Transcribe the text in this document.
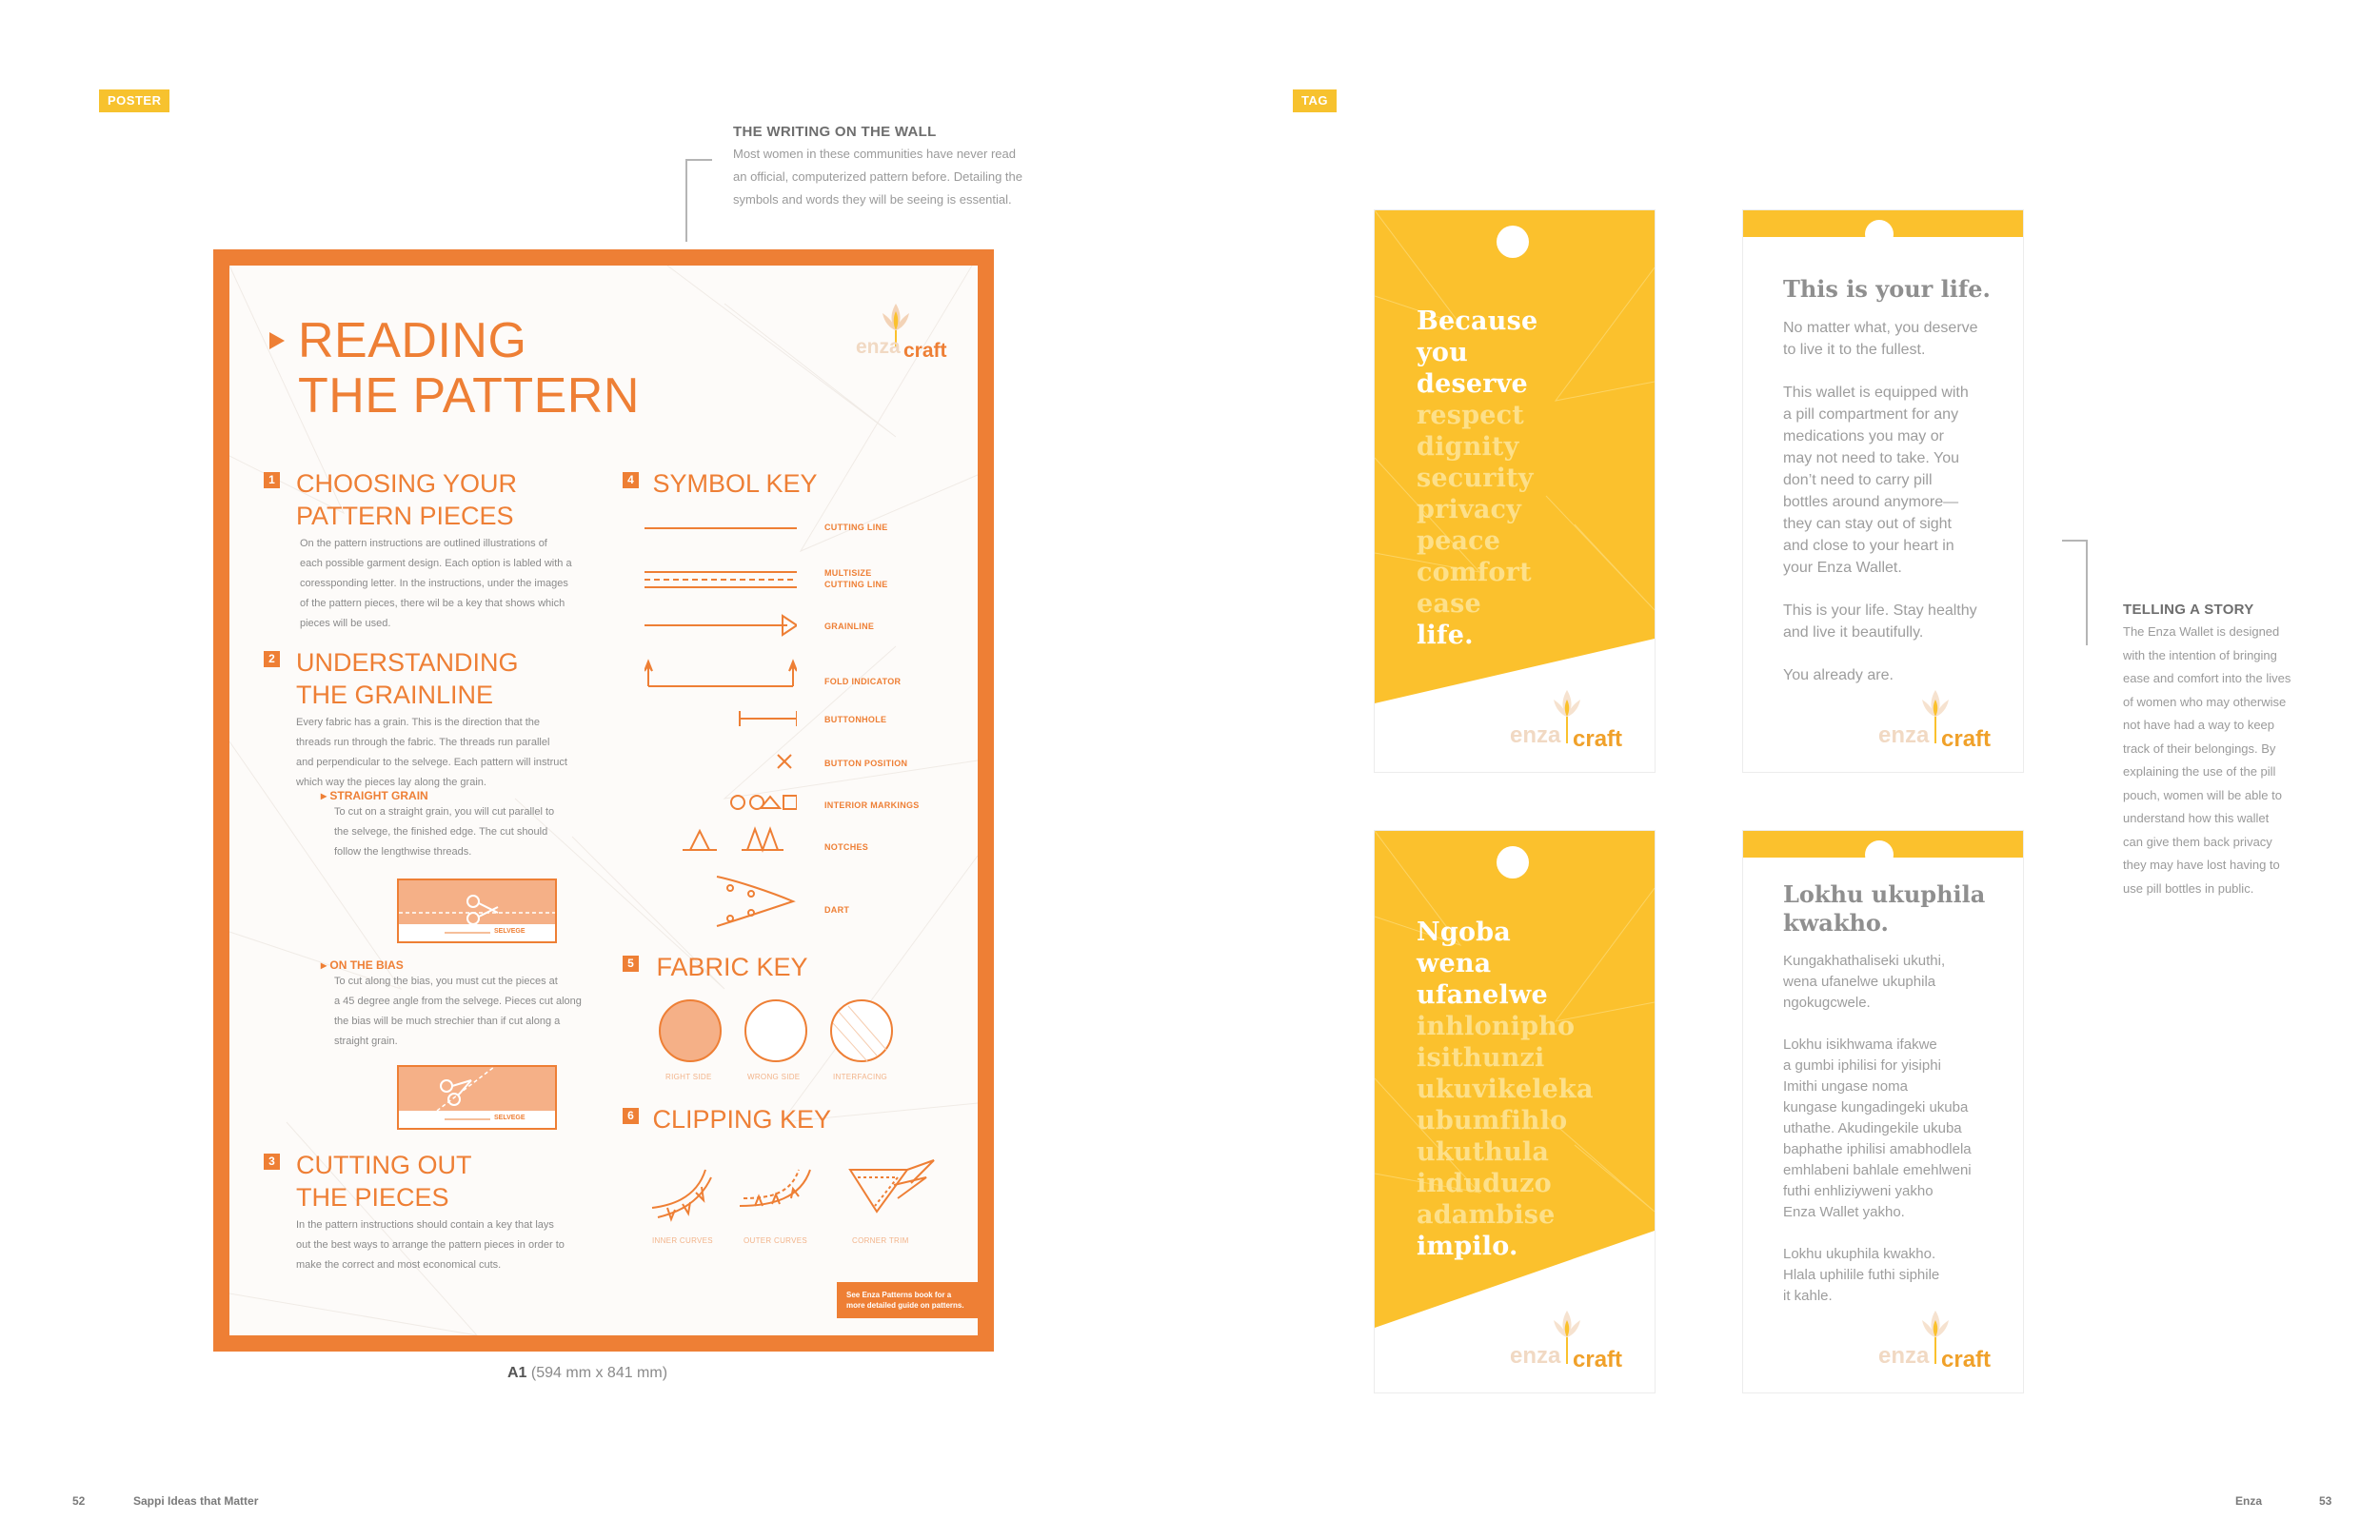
POSTER	TAG
THE WRITING ON THE WALL
Most women in these communities have never read
an official, computerized pattern before. Detailing the
symbols and words they will be seeing is essential.
READING
THE PATTERN
enza craft
1 CHOOSING YOUR
PATTERN PIECES
On the pattern instructions are outlined illustrations of
each possible garment design. Each option is labled with a
coressponding letter. In the instructions, under the images
of the pattern pieces, there wil be a key that shows which
pieces will be used.
2 UNDERSTANDING
THE GRAINLINE
Every fabric has a grain. This is the direction that the
threads run through the fabric. The threads run parallel
and perpendicular to the selvege. Each pattern will instruct
which way the pieces lay along the grain.
▸ STRAIGHT GRAIN
To cut on a straight grain, you will cut parallel to
the selvege, the finished edge. The cut should
follow the lengthwise threads.
SELVEGE
▸ ON THE BIAS
To cut along the bias, you must cut the pieces at
a 45 degree angle from the selvege. Pieces cut along
the bias will be much strechier than if cut along a
straight grain.
SELVEGE
3 CUTTING OUT
THE PIECES
In the pattern instructions should contain a key that lays
out the best ways to arrange the pattern pieces in order to
make the correct and most economical cuts.
4 SYMBOL KEY
CUTTING LINE
MULTISIZE
CUTTING LINE
GRAINLINE
FOLD INDICATOR
BUTTONHOLE
BUTTON POSITION
INTERIOR MARKINGS
NOTCHES
DART
5 FABRIC KEY
RIGHT SIDE	WRONG SIDE	INTERFACING
6 CLIPPING KEY
INNER CURVES	OUTER CURVES	CORNER TRIM
See Enza Patterns book for a
more detailed guide on patterns.
A1 (594 mm x 841 mm)
Because
you
deserve
respect
dignity
security
privacy
peace
comfort
ease
life.
enza craft
This is your life.
No matter what, you deserve
to live it to the fullest.
This wallet is equipped with
a pill compartment for any
medications you may or
may not need to take. You
don’t need to carry pill
bottles around anymore—
they can stay out of sight
and close to your heart in
your Enza Wallet.
This is your life. Stay healthy
and live it beautifully.
You already are.
enza craft
Ngoba
wena
ufanelwe
inhlonipho
isithunzi
ukuvikeleka
ubumfihlo
ukuthula
induduzo
adambise
impilo.
enza craft
Lokhu ukuphila
kwakho.
Kungakhathaliseki ukuthi,
wena ufanelwe ukuphila
ngokugcwele.
Lokhu isikhwama ifakwe
a gumbi iphilisi for yisiphi
Imithi ungase noma
kungase kungadingeki ukuba
uthathe. Akudingekile ukuba
baphathe iphilisi amabhodlela
emhlabeni bahlale emehlweni
futhi enhliziyweni yakho
Enza Wallet yakho.
Lokhu ukuphila kwakho.
Hlala uphilile futhi siphile
it kahle.
enza craft
TELLING A STORY
The Enza Wallet is designed
with the intention of bringing
ease and comfort into the lives
of women who may otherwise
not have had a way to keep
track of their belongings. By
explaining the use of the pill
pouch, women will be able to
understand how this wallet
can give them back privacy
they may have lost having to
use pill bottles in public.
52	Sappi Ideas that Matter	Enza	53
